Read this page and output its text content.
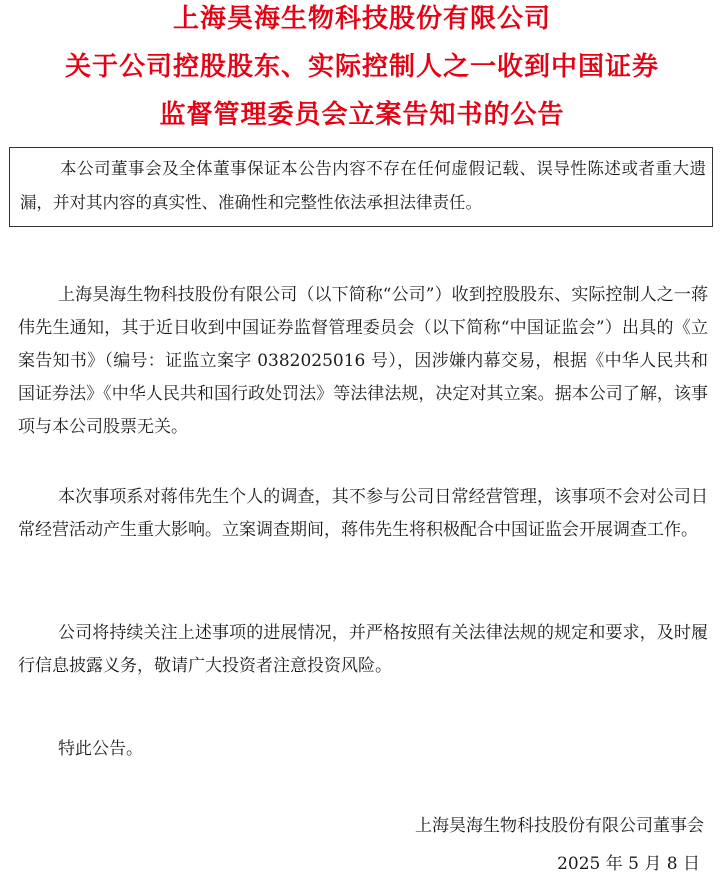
上海昊海生物科技股份有限公司
关于公司控股股东、实际控制人之一收到中国证券
监督管理委员会立案告知书的公告
本公司董事会及全体董事保证本公告内容不存在任何虚假记载、误导性陈述或者重大遗漏，并对其内容的真实性、准确性和完整性依法承担法律责任。
上海昊海生物科技股份有限公司（以下简称“公司”）收到控股股东、实际控制人之一蒋伟先生通知，其于近日收到中国证券监督管理委员会（以下简称“中国证监会”）出具的《立案告知书》（编号：证监立案字 0382025016 号），因涉嫌内幕交易，根据《中华人民共和国证券法》《中华人民共和国行政处罚法》等法律法规，决定对其立案。据本公司了解，该事项与本公司股票无关。
本次事项系对蒋伟先生个人的调查，其不参与公司日常经营管理，该事项不会对公司日常经营活动产生重大影响。立案调查期间，蒋伟先生将积极配合中国证监会开展调查工作。
公司将持续关注上述事项的进展情况，并严格按照有关法律法规的规定和要求，及时履行信息披露义务，敬请广大投资者注意投资风险。
特此公告。
上海昊海生物科技股份有限公司董事会
2025 年 5 月 8 日
